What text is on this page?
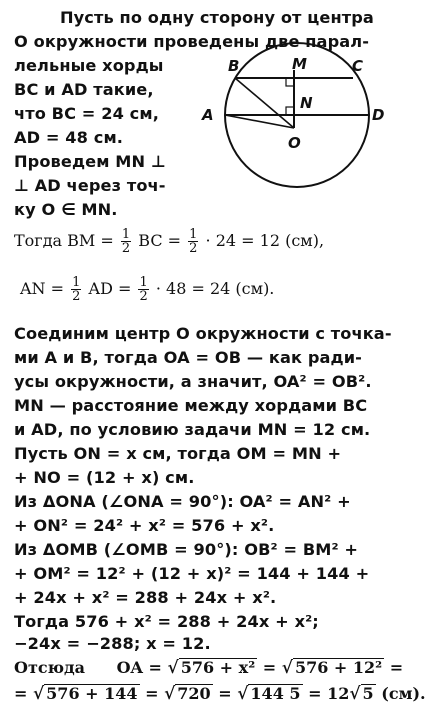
Пусть по одну сторону от центра
O окружности проведены две парал-
лельные хорды
BC и AD такие,
что BC = 24 см,
AD = 48 см.
Проведем MN ⊥
⊥ AD через точ-
ку O ∈ MN.
B	M	C
N
A	D
O
Тогда BM = $\frac{1}{2}$ BC = $\frac{1}{2} \cdot 24 = 12$ (см),
AN = $\frac{1}{2}$ AD = $\frac{1}{2} \cdot 48 = 24$ (см).
Соединим центр O окружности с точка-
ми A и B, тогда OA = OB — как ради-
усы окружности, а значит, OA² = OB².
MN — расстояние между хордами BC
и AD, по условию задачи MN = 12 см.
Пусть ON = x см, тогда OM = MN +
+ NO = (12 + x) см.
Из ΔONA (∠ONA = 90°): OA² = AN² +
+ ON² = 24² + x² = 576 + x².
Из ΔOMB (∠OMB = 90°): OB² = BM² +
+ OM² = 12² + (12 + x)² = 144 + 144 +
+ 24x + x² = 288 + 24x + x².
Тогда 576 + x² = 288 + 24x + x²;
−24x = −288; x = 12.
Отсюда OA = √ 576 + x² = √ 576 + 12² =
= √ 576 + 144 = √ 720 = √ 144 5 = 12√ 5 (см).
